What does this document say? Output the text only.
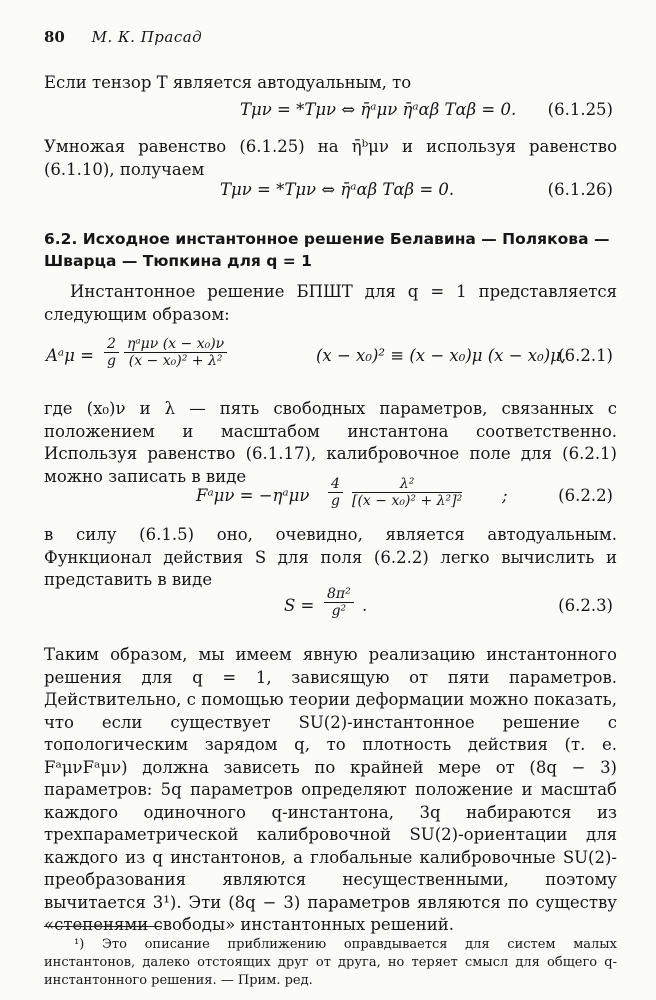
80 М. К. Прасад
Если тензор T является автодуальным, то
Tμν = *Tμν ⇔ η̄ᵃμν η̄ᵃαβ Tαβ = 0. (6.1.25)
Умножая равенство (6.1.25) на η̄ᵇμν и используя равенство (6.1.10), получаем
Tμν = *Tμν ⇔ η̄ᵃαβ Tαβ = 0.	(6.1.26)
6.2. Исходное инстантонное решение Белавина — Полякова — Шварца — Тюпкина для q = 1
Инстантонное решение БПШТ для q = 1 представляется следующим образом:
Aᵃμ = $\frac{2}{g} \frac{\text{ηᵃμν (x − x₀)ν}}{\text{(x − x₀)² + λ²}}$	(x − x₀)² ≡ (x − x₀)μ (x − x₀)μ,
(6.2.1)
где (x₀)ν и λ — пять свободных параметров, связанных с положением и масштабом инстантона соответственно. Используя равенство (6.1.17), калибровочное поле для (6.2.1) можно записать в виде
Fᵃμν = −ηᵃμν $\frac{4}{g} \frac{\text{λ²}}{\text{[(x − x₀)² + λ²]²}}$ ;	(6.2.2)
в силу (6.1.5) оно, очевидно, является автодуальным. Функционал действия S для поля (6.2.2) легко вычислить и представить в виде
$S = \frac{\text{8π²}}{\text{g²}}$ .	(6.2.3)
Таким образом, мы имеем явную реализацию инстантонного решения для q = 1, зависящую от пяти параметров. Действительно, с помощью теории деформации можно показать, что если существует SU(2)-инстантонное решение с топологическим зарядом q, то плотность действия (т. е. FᵃμνFᵃμν) должна зависеть по крайней мере от (8q − 3) параметров: 5q параметров определяют положение и масштаб каждого одиночного q-инстантона, 3q набираются из трехпараметрической калибровочной SU(2)-ориентации для каждого из q инстантонов, а глобальные калибровочные SU(2)-преобразования являются несущественными, поэтому вычитается 3¹). Эти (8q − 3) параметров являются по существу «степенями свободы» инстантонных решений.
¹) Это описание приближению оправдывается для систем малых инстантонов, далеко отстоящих друг от друга, но теряет смысл для общего q-инстантонного решения. — Прим. ред.
